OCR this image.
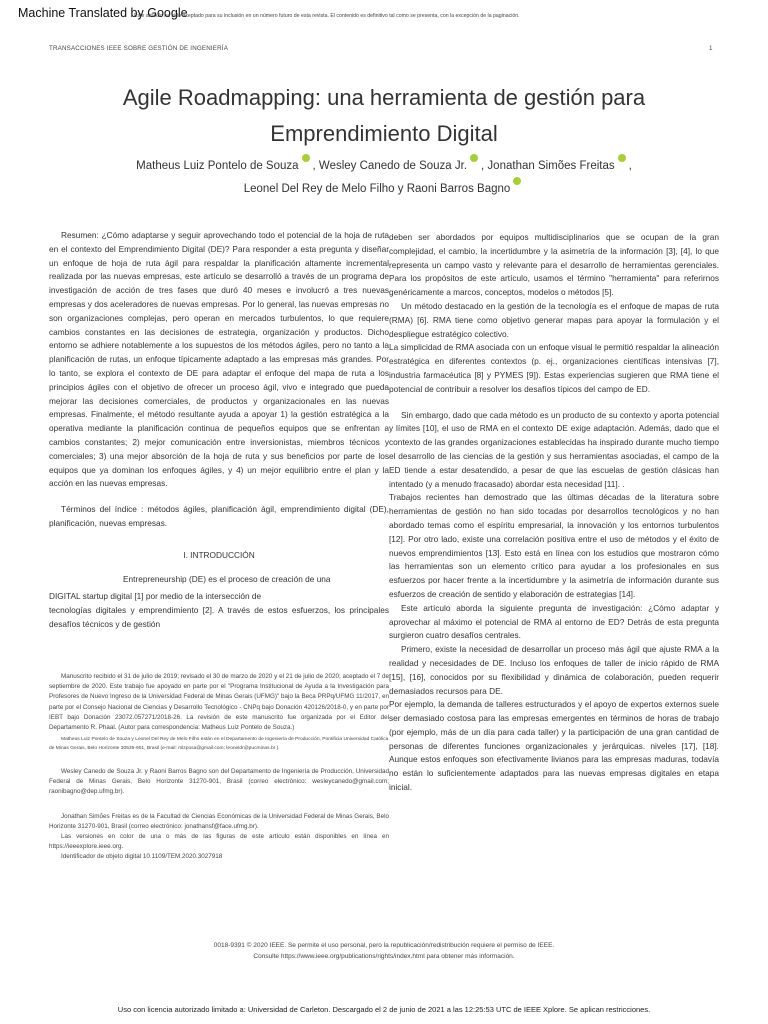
Machine Translated by Google
Este artículo ha sido aceptado para su inclusión en un número futuro de esta revista. El contenido es definitivo tal como se presenta, con la excepción de la paginación.
TRANSACCIONES IEEE SOBRE GESTIÓN DE INGENIERÍA	1
Agile Roadmapping: una herramienta de gestión para
Emprendimiento Digital
Matheus Luiz Pontelo de Souza , Wesley Canedo de Souza Jr. , Jonathan Simões Freitas ,
Leonel Del Rey de Melo Filho y Raoni Barros Bagno

Resumen: ¿Cómo adaptarse y seguir aprovechando todo el potencial de la hoja de ruta en el contexto del Emprendimiento Digital (DE)? Para responder a esta pregunta y diseñar un enfoque de hoja de ruta ágil para respaldar la planificación altamente incremental realizada por las nuevas empresas, este artículo se desarrolló a través de un programa de investigación de acción de tres fases que duró 40 meses e involucró a tres nuevas empresas y dos aceleradores de nuevas empresas. Por lo general, las nuevas empresas no son organizaciones complejas, pero operan en mercados turbulentos, lo que requiere cambios constantes en las decisiones de estrategia, organización y productos. Dicho entorno se adhiere notablemente a los supuestos de los métodos ágiles, pero no tanto a la planificación de rutas, un enfoque típicamente adaptado a las empresas más grandes. Por lo tanto, se explora el contexto de DE para adaptar el enfoque del mapa de ruta a los principios ágiles con el objetivo de ofrecer un proceso ágil, vivo e integrado que pueda mejorar las decisiones comerciales, de productos y organizacionales en las nuevas empresas. Finalmente, el método resultante ayuda a apoyar 1) la gestión estratégica a la operativa mediante la planificación continua de pequeños equipos que se enfrentan a cambios constantes; 2) mejor comunicación entre inversionistas, miembros técnicos y comerciales; 3) una mejor absorción de la hoja de ruta y sus beneficios por parte de los equipos que ya dominan los enfoques ágiles, y 4) un mejor equilibrio entre el plan y la acción en las nuevas empresas.

Términos del índice : métodos ágiles, planificación ágil, emprendimiento digital (DE), planificación, nuevas empresas.

I. INTRODUCCIÓN
Entrepreneurship (DE) es el proceso de creación de una
DIGITAL startup digital [1] por medio de la intersección de
tecnologías digitales y emprendimiento [2]. A través de estos esfuerzos, los principales desafíos técnicos y de gestión

Manuscrito recibido el 31 de julio de 2019; revisado el 30 de marzo de 2020 y el 21 de julio de 2020; aceptado el 7 de septiembre de 2020. Este trabajo fue apoyado en parte por el "Programa Institucional de Ayuda a la Investigación para Profesores de Nuevo Ingreso de la Universidad Federal de Minas Gerais (UFMG)" bajo la Beca PRPq/UFMG 11/2017, en parte por el Consejo Nacional de Ciencias y Desarrollo Tecnológico - CNPq bajo Donación 420126/2018-0, y en parte por IEBT bajo Donación 23072.057271/2018-26. La revisión de este manuscrito fue organizada por el Editor del Departamento R. Phaal. (Autor para correspondencia: Matheus Luiz Pontelo de Souza.)

Matheus Luiz Pontelo de Souza y Leonel Del Rey de Melo Filho están en el Departamento de Ingeniería de Producción, Pontificia Universidad Católica de Minas Gerais, Belo Horizonte 30535-901, Brasil (e-mail: mlzposa@gmail.com; leoneldr@pucminas.br ).

Wesley Canedo de Souza Jr. y Raoni Barros Bagno son del Departamento de Ingeniería de Producción, Universidad Federal de Minas Gerais, Belo Horizonte 31270-901, Brasil (correo electrónico: wesleycanedo@gmail.com; raonibagno@dep.ufmg.br).

Jonathan Simões Freitas es de la Facultad de Ciencias Económicas de la Universidad Federal de Minas Gerais, Belo Horizonte 31270-901, Brasil (correo electrónico: jonathansf@face.ufmg.br).

Las versiones en color de una o más de las figuras de este artículo están disponibles en línea en https://ieeexplore.ieee.org.

Identificador de objeto digital 10.1109/TEM.2020.3027918

deben ser abordados por equipos multidisciplinarios que se ocupan de la gran complejidad, el cambio, la incertidumbre y la asimetría de la información [3], [4], lo que representa un campo vasto y relevante para el desarrollo de herramientas gerenciales. Para los propósitos de este artículo, usamos el término "herramienta" para referirnos genéricamente a marcos, conceptos, modelos o métodos [5].

Un método destacado en la gestión de la tecnología es el enfoque de mapas de ruta (RMA) [6]. RMA tiene como objetivo generar mapas para apoyar la formulación y el despliegue estratégico colectivo.

La simplicidad de RMA asociada con un enfoque visual le permitió respaldar la alineación estratégica en diferentes contextos (p. ej., organizaciones científicas intensivas [7], industria farmacéutica [8] y PYMES [9]). Estas experiencias sugieren que RMA tiene el potencial de contribuir a resolver los desafíos típicos del campo de ED.

Sin embargo, dado que cada método es un producto de su contexto y aporta potencial y límites [10], el uso de RMA en el contexto DE exige adaptación. Además, dado que el contexto de las grandes organizaciones establecidas ha inspirado durante mucho tiempo el desarrollo de las ciencias de la gestión y sus herramientas asociadas, el campo de la ED tiende a estar desatendido, a pesar de que las escuelas de gestión clásicas han intentado (y a menudo fracasado) abordar esta necesidad [11]. .

Trabajos recientes han demostrado que las últimas décadas de la literatura sobre herramientas de gestión no han sido tocadas por desarrollos tecnológicos y no han abordado temas como el espíritu empresarial, la innovación y los entornos turbulentos [12]. Por otro lado, existe una correlación positiva entre el uso de métodos y el éxito de nuevos emprendimientos [13]. Esto está en línea con los estudios que mostraron cómo las herramientas son un elemento crítico para ayudar a los profesionales en sus esfuerzos por hacer frente a la incertidumbre y la asimetría de información durante sus esfuerzos de creación de sentido y elaboración de estrategias [14].

Este artículo aborda la siguiente pregunta de investigación: ¿Cómo adaptar y aprovechar al máximo el potencial de RMA al entorno de ED? Detrás de esta pregunta surgieron cuatro desafíos centrales.

Primero, existe la necesidad de desarrollar un proceso más ágil que ajuste RMA a la realidad y necesidades de DE. Incluso los enfoques de taller de inicio rápido de RMA [15], [16], conocidos por su flexibilidad y dinámica de colaboración, pueden requerir demasiados recursos para DE.

Por ejemplo, la demanda de talleres estructurados y el apoyo de expertos externos suele ser demasiado costosa para las empresas emergentes en términos de horas de trabajo (por ejemplo, más de un día para cada taller) y la participación de una gran cantidad de personas de diferentes funciones organizacionales y jerárquicas. niveles [17], [18]. Aunque estos enfoques son efectivamente livianos para las empresas maduras, todavía no están lo suficientemente adaptados para las nuevas empresas digitales en etapa inicial.

0018-9391 © 2020 IEEE. Se permite el uso personal, pero la republicación/redistribución requiere el permiso de IEEE.
Consulte https://www.ieee.org/publications/rights/index.html para obtener más información.
Uso con licencia autorizado limitado a: Universidad de Carleton. Descargado el 2 de junio de 2021 a las 12:25:53 UTC de IEEE Xplore. Se aplican restricciones.
